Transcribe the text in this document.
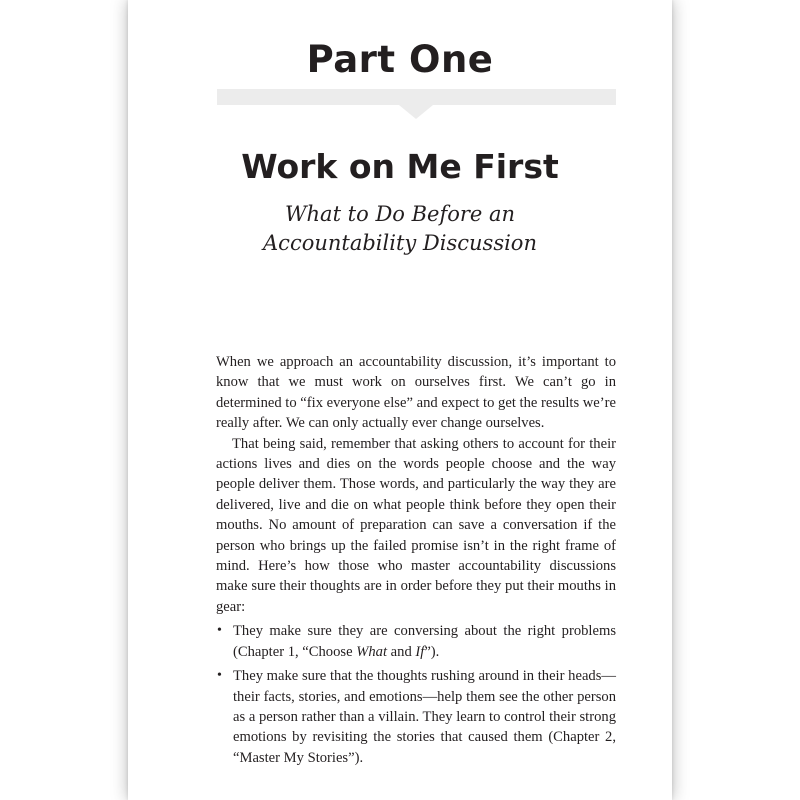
Part One
Work on Me First
What to Do Before an
Accountability Discussion

When we approach an accountability discussion, it’s important to know that we must work on ourselves first. We can’t go in determined to “fix everyone else” and expect to get the results we’re really after. We can only actually ever change ourselves.

That being said, remember that asking others to account for their actions lives and dies on the words people choose and the way people deliver them. Those words, and particularly the way they are delivered, live and die on what people think before they open their mouths. No amount of preparation can save a conversation if the person who brings up the failed promise isn’t in the right frame of mind. Here’s how those who master accountability discussions make sure their thoughts are in order before they put their mouths in gear:

• They make sure they are conversing about the right problems (Chapter 1, “Choose What and If”).
• They make sure that the thoughts rushing around in their heads—their facts, stories, and emotions—help them see the other person as a person rather than a villain. They learn to control their strong emotions by revisiting the stories that caused them (Chapter 2, “Master My Stories”).
